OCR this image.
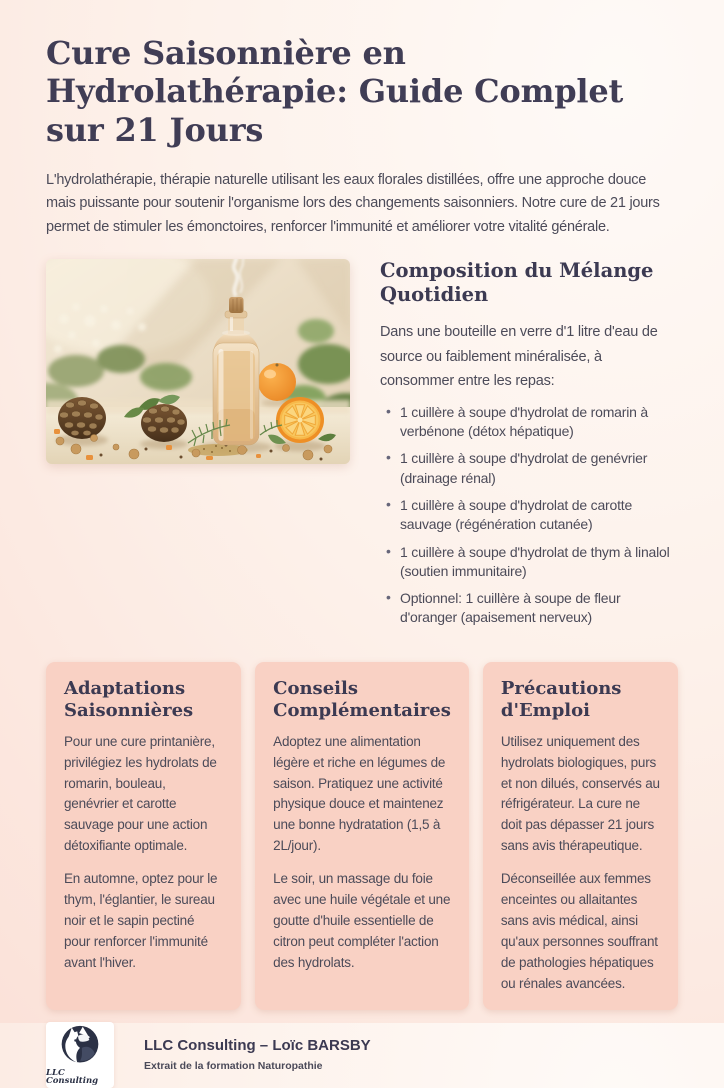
Cure Saisonnière en Hydrolathérapie: Guide Complet sur 21 Jours

L'hydrolathérapie, thérapie naturelle utilisant les eaux florales distillées, offre une approche douce mais puissante pour soutenir l'organisme lors des changements saisonniers. Notre cure de 21 jours permet de stimuler les émonctoires, renforcer l'immunité et améliorer votre vitalité générale.

Composition du Mélange Quotidien

Dans une bouteille en verre d'1 litre d'eau de source ou faiblement minéralisée, à consommer entre les repas:

• 1 cuillère à soupe d'hydrolat de romarin à verbénone (détox hépatique)
• 1 cuillère à soupe d'hydrolat de genévrier (drainage rénal)
• 1 cuillère à soupe d'hydrolat de carotte sauvage (régénération cutanée)
• 1 cuillère à soupe d'hydrolat de thym à linalol (soutien immunitaire)
• Optionnel: 1 cuillère à soupe de fleur d'oranger (apaisement nerveux)
Adaptations Saisonnières

Pour une cure printanière, privilégiez les hydrolats de romarin, bouleau, genévrier et carotte sauvage pour une action détoxifiante optimale.

En automne, optez pour le thym, l'églantier, le sureau noir et le sapin pectiné pour renforcer l'immunité avant l'hiver.

Conseils Complémentaires

Adoptez une alimentation légère et riche en légumes de saison. Pratiquez une activité physique douce et maintenez une bonne hydratation (1,5 à 2L/jour).

Le soir, un massage du foie avec une huile végétale et une goutte d'huile essentielle de citron peut compléter l'action des hydrolats.

Précautions d'Emploi

Utilisez uniquement des hydrolats biologiques, purs et non dilués, conservés au réfrigérateur. La cure ne doit pas dépasser 21 jours sans avis thérapeutique.

Déconseillée aux femmes enceintes ou allaitantes sans avis médical, ainsi qu'aux personnes souffrant de pathologies hépatiques ou rénales avancées.

LLC Consulting
LLC Consulting – Loïc BARSBY
Extrait de la formation Naturopathie
